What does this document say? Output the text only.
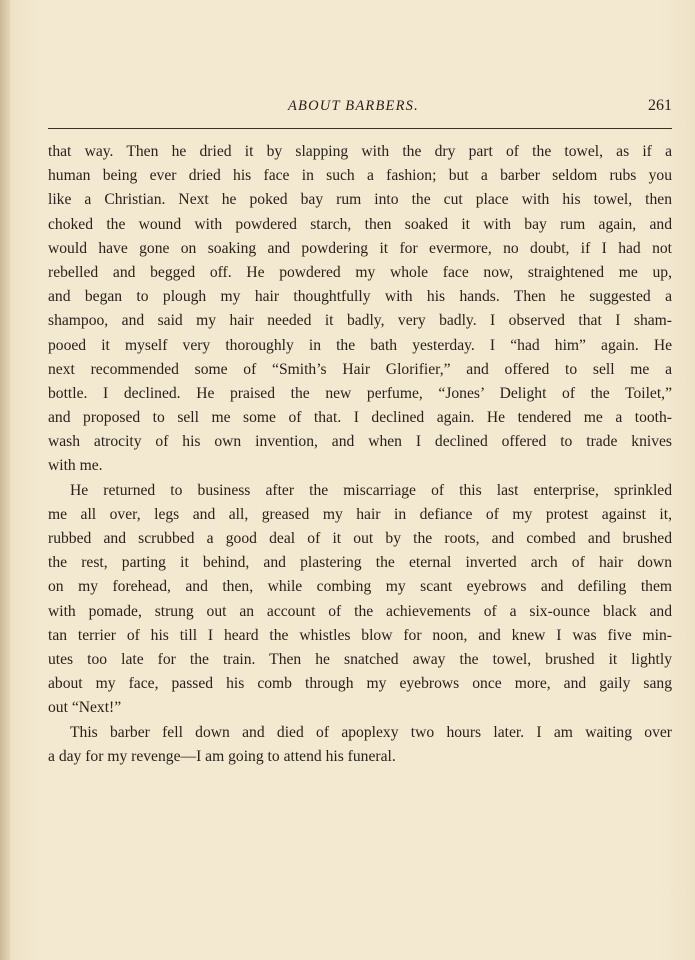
ABOUT BARBERS.	261
that way. Then he dried it by slapping with the dry part of the towel, as if a
human being ever dried his face in such a fashion; but a barber seldom rubs you
like a Christian. Next he poked bay rum into the cut place with his towel, then
choked the wound with powdered starch, then soaked it with bay rum again, and
would have gone on soaking and powdering it for evermore, no doubt, if I had not
rebelled and begged off. He powdered my whole face now, straightened me up,
and began to plough my hair thoughtfully with his hands. Then he suggested a
shampoo, and said my hair needed it badly, very badly. I observed that I sham-
pooed it myself very thoroughly in the bath yesterday. I “had him” again. He
next recommended some of “Smith’s Hair Glorifier,” and offered to sell me a
bottle. I declined. He praised the new perfume, “Jones’ Delight of the Toilet,”
and proposed to sell me some of that. I declined again. He tendered me a tooth-
wash atrocity of his own invention, and when I declined offered to trade knives
with me.
He returned to business after the miscarriage of this last enterprise, sprinkled
me all over, legs and all, greased my hair in defiance of my protest against it,
rubbed and scrubbed a good deal of it out by the roots, and combed and brushed
the rest, parting it behind, and plastering the eternal inverted arch of hair down
on my forehead, and then, while combing my scant eyebrows and defiling them
with pomade, strung out an account of the achievements of a six-ounce black and
tan terrier of his till I heard the whistles blow for noon, and knew I was five min-
utes too late for the train. Then he snatched away the towel, brushed it lightly
about my face, passed his comb through my eyebrows once more, and gaily sang
out “Next!”
This barber fell down and died of apoplexy two hours later. I am waiting over
a day for my revenge—I am going to attend his funeral.
